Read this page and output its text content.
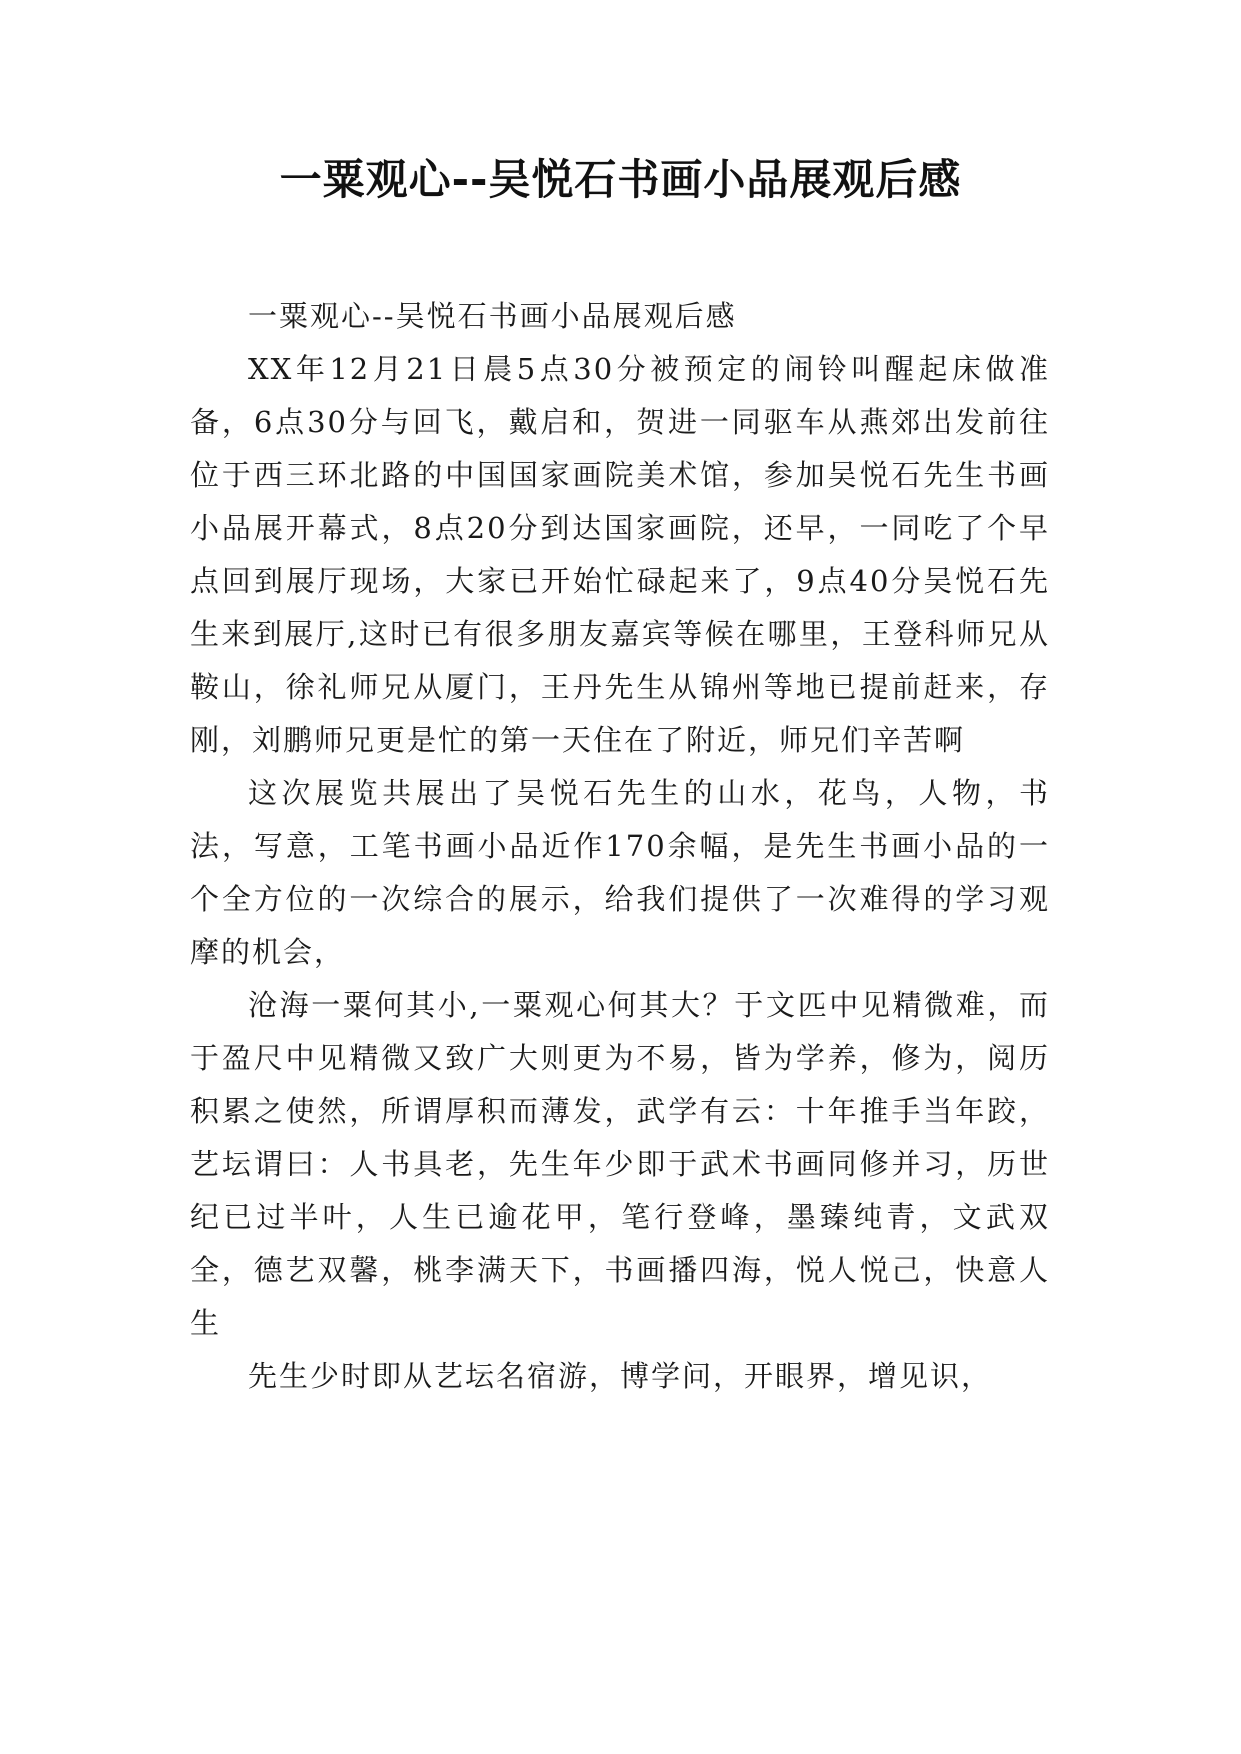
一粟观心--吴悦石书画小品展观后感

一粟观心--吴悦石书画小品展观后感

XX年12月21日晨5点30分被预定的闹铃叫醒起床做准备，6点30分与回飞，戴启和，贺进一同驱车从燕郊出发前往位于西三环北路的中国国家画院美术馆，参加吴悦石先生书画小品展开幕式，8点20分到达国家画院，还早，一同吃了个早点回到展厅现场，大家已开始忙碌起来了，9点40分吴悦石先生来到展厅,这时已有很多朋友嘉宾等候在哪里，王登科师兄从鞍山，徐礼师兄从厦门，王丹先生从锦州等地已提前赶来，存刚，刘鹏师兄更是忙的第一天住在了附近，师兄们辛苦啊

这次展览共展出了吴悦石先生的山水，花鸟，人物，书法，写意，工笔书画小品近作170余幅，是先生书画小品的一个全方位的一次综合的展示，给我们提供了一次难得的学习观摩的机会，

沧海一粟何其小,一粟观心何其大？于文匹中见精微难，而于盈尺中见精微又致广大则更为不易，皆为学养，修为，阅历积累之使然，所谓厚积而薄发，武学有云：十年推手当年跤，艺坛谓曰：人书具老，先生年少即于武术书画同修并习，历世纪已过半叶，人生已逾花甲，笔行登峰，墨臻纯青，文武双全，德艺双馨，桃李满天下，书画播四海，悦人悦己，快意人生

先生少时即从艺坛名宿游，博学问，开眼界，增见识，
